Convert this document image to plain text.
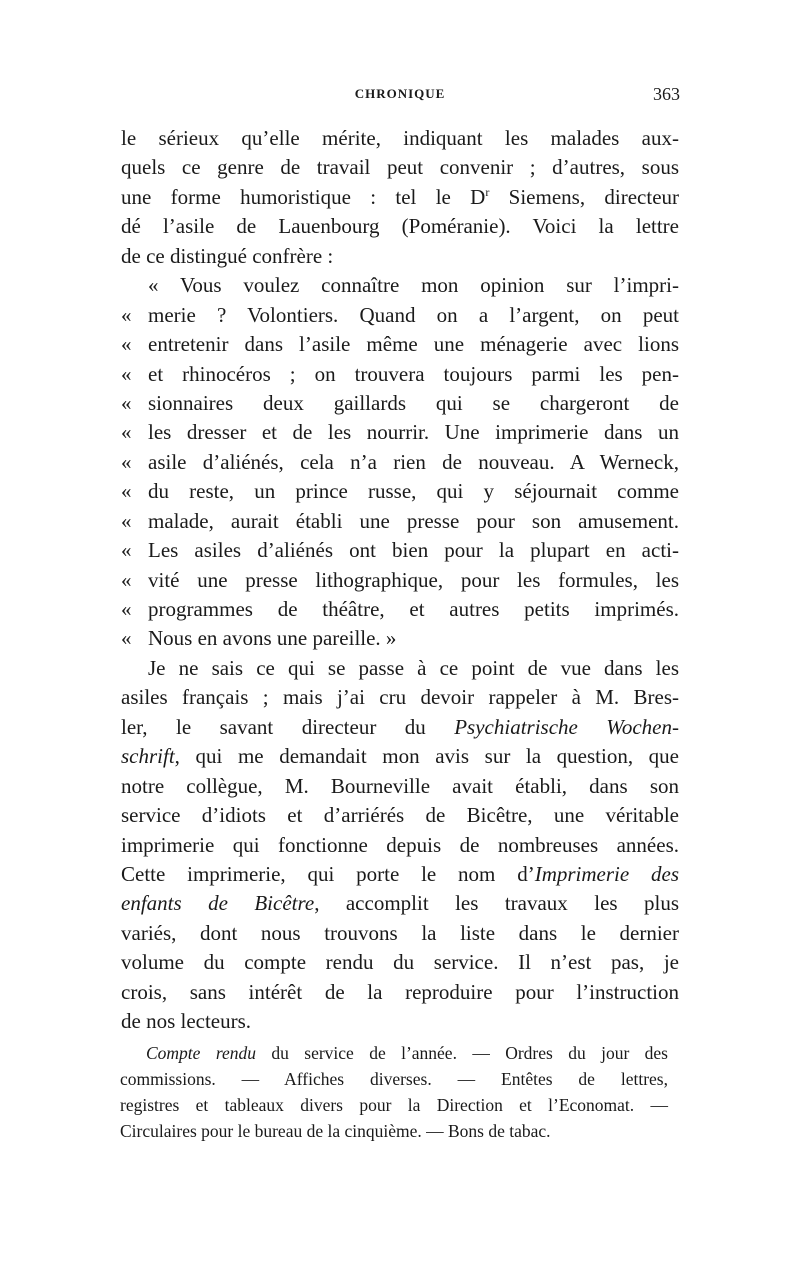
CHRONIQUE	363
le sérieux qu’elle mérite, indiquant les malades aux-
quels ce genre de travail peut convenir ; d’autres, sous
une forme humoristique : tel le $D^r$ Siemens, directeur
dé l’asile de Lauenbourg (Poméranie). Voici la lettre
de ce distingué confrère :
« Vous voulez connaître mon opinion sur l’impri-
« merie ? Volontiers. Quand on a l’argent, on peut
« entretenir dans l’asile même une ménagerie avec lions
« et rhinocéros ; on trouvera toujours parmi les pen-
« sionnaires deux gaillards qui se chargeront de
« les dresser et de les nourrir. Une imprimerie dans un
« asile d’aliénés, cela n’a rien de nouveau. A Werneck,
« du reste, un prince russe, qui y séjournait comme
« malade, aurait établi une presse pour son amusement.
« Les asiles d’aliénés ont bien pour la plupart en acti-
« vité une presse lithographique, pour les formules, les
« programmes de théâtre, et autres petits imprimés.
« Nous en avons une pareille. »
Je ne sais ce qui se passe à ce point de vue dans les
asiles français ; mais j’ai cru devoir rappeler à M. Bres-
ler, le savant directeur du Psychiatrische Wochen-
schrift, qui me demandait mon avis sur la question, que
notre collègue, M. Bourneville avait établi, dans son
service d’idiots et d’arriérés de Bicêtre, une véritable
imprimerie qui fonctionne depuis de nombreuses années.
Cette imprimerie, qui porte le nom d’Imprimerie des
enfants de Bicêtre, accomplit les travaux les plus
variés, dont nous trouvons la liste dans le dernier
volume du compte rendu du service. Il n’est pas, je
crois, sans intérêt de la reproduire pour l’instruction
de nos lecteurs.
Compte rendu du service de l’année. — Ordres du jour des
commissions. — Affiches diverses. — Entêtes de lettres,
registres et tableaux divers pour la Direction et l’Economat. —
Circulaires pour le bureau de la cinquième. — Bons de tabac.
